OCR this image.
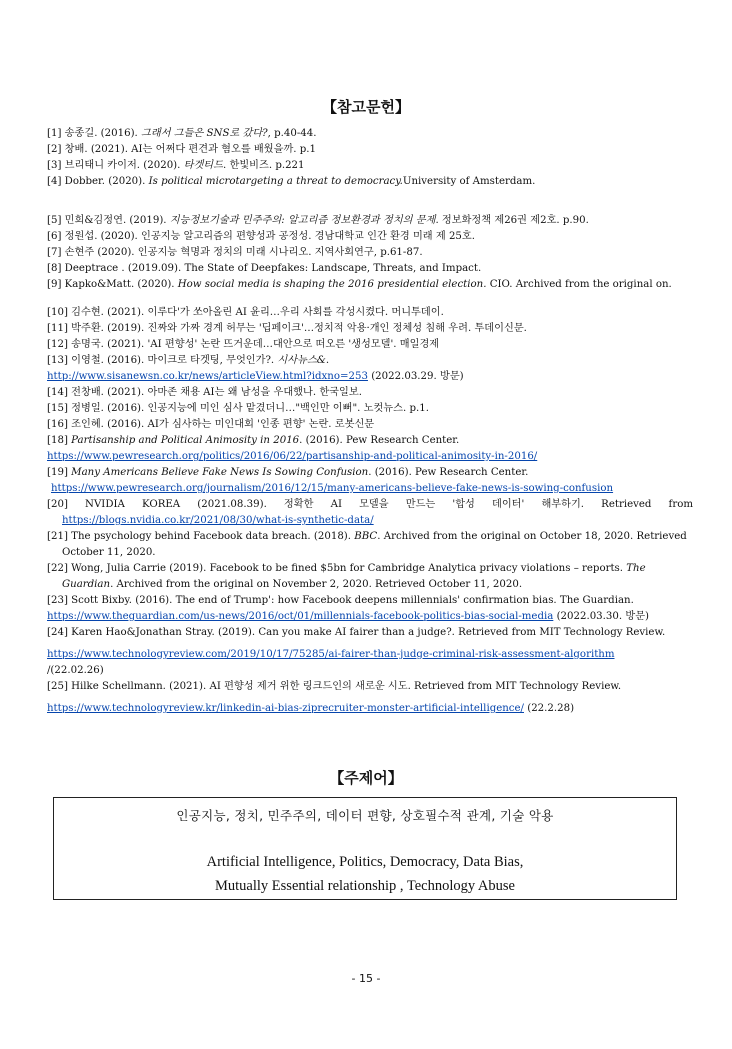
【참고문헌】

[1] 송종길. (2016). 그래서 그들은 SNS로 갔다?, p.40-44.

[2] 창배. (2021). AI는 어쩌다 편견과 혐오를 배웠을까. p.1

[3] 브리태니 카이저. (2020). 타겟티드. 한빛비즈. p.221

[4] Dobber. (2020). Is political microtargeting a threat to democracy.University of Amsterdam.

[5] 민희&김정연. (2019). 지능정보기술과 민주주의: 알고리즘 정보환경과 정치의 문제. 정보화정책 제26권 제2호. p.90.

[6] 정원섭. (2020). 인공지능 알고리즘의 편향성과 공정성. 경남대학교 인간 환경 미래 제 25호.

[7] 손현주 (2020). 인공지능 혁명과 정치의 미래 시나리오. 지역사회연구, p.61-87.

[8] Deeptrace . (2019.09). The State of Deepfakes: Landscape, Threats, and Impact.

[9] Kapko&Matt. (2020). How social media is shaping the 2016 presidential election. CIO. Archived from the original on.

[10] 김수현. (2021). 이루다'가 쏘아올린 AI 윤리…우리 사회를 각성시켰다. 머니투데이.

[11] 박주환. (2019). 진짜와 가짜 경계 허무는 '딥페이크'…정치적 악용·개인 정체성 침해 우려. 투데이신문.

[12] 송명국. (2021). 'AI 편향성' 논란 뜨거운데…대안으로 떠오른 '생성모델'. 매일경제

[13] 이영철. (2016). 마이크로 타겟팅, 무엇인가?. 시사뉴스&.

http://www.sisanewsn.co.kr/news/articleView.html?idxno=253 (2022.03.29. 방문)

[14] 전창배. (2021). 아마존 채용 AI는 왜 남성을 우대했나. 한국일보.

[15] 정병일. (2016). 인공지능에 미인 심사 맡겼더니…"백인만 이뻐". 노컷뉴스. p.1.

[16] 조인혜. (2016). AI가 심사하는 미인대회 '인종 편향' 논란. 로봇신문

[18] Partisanship and Political Animosity in 2016. (2016). Pew Research Center.

https://www.pewresearch.org/politics/2016/06/22/partisanship-and-political-animosity-in-2016/

[19] Many Americans Believe Fake News Is Sowing Confusion. (2016). Pew Research Center.

https://www.pewresearch.org/journalism/2016/12/15/many-americans-believe-fake-news-is-sowing-confusion

[20] NVIDIA KOREA (2021.08.39). 정확한 AI 모델을 만드는 '합성 데이터' 해부하기. Retrieved from

https://blogs.nvidia.co.kr/2021/08/30/what-is-synthetic-data/

[21] The psychology behind Facebook data breach. (2018). BBC. Archived from the original on October 18, 2020. Retrieved October 11, 2020.

[22] Wong, Julia Carrie (2019). Facebook to be fined $5bn for Cambridge Analytica privacy violations – reports. The Guardian. Archived from the original on November 2, 2020. Retrieved October 11, 2020.

[23] Scott Bixby. (2016). The end of Trump': how Facebook deepens millennials' confirmation bias. The Guardian.

https://www.theguardian.com/us-news/2016/oct/01/millennials-facebook-politics-bias-social-media (2022.03.30. 방문)

[24] Karen Hao&Jonathan Stray. (2019). Can you make AI fairer than a judge?. Retrieved from MIT Technology Review.

https://www.technologyreview.com/2019/10/17/75285/ai-fairer-than-judge-criminal-risk-assessment-algorithm

/(22.02.26)

[25] Hilke Schellmann. (2021). AI 편향성 제거 위한 링크드인의 새로운 시도. Retrieved from MIT Technology Review.

https://www.technologyreview.kr/linkedin-ai-bias-ziprecruiter-monster-artificial-intelligence/ (22.2.28)

【주제어】
인공지능, 정치, 민주주의, 데이터 편향, 상호필수적 관계, 기술 악용
Artificial Intelligence, Politics, Democracy, Data Bias,
Mutually Essential relationship , Technology Abuse
- 15 -
